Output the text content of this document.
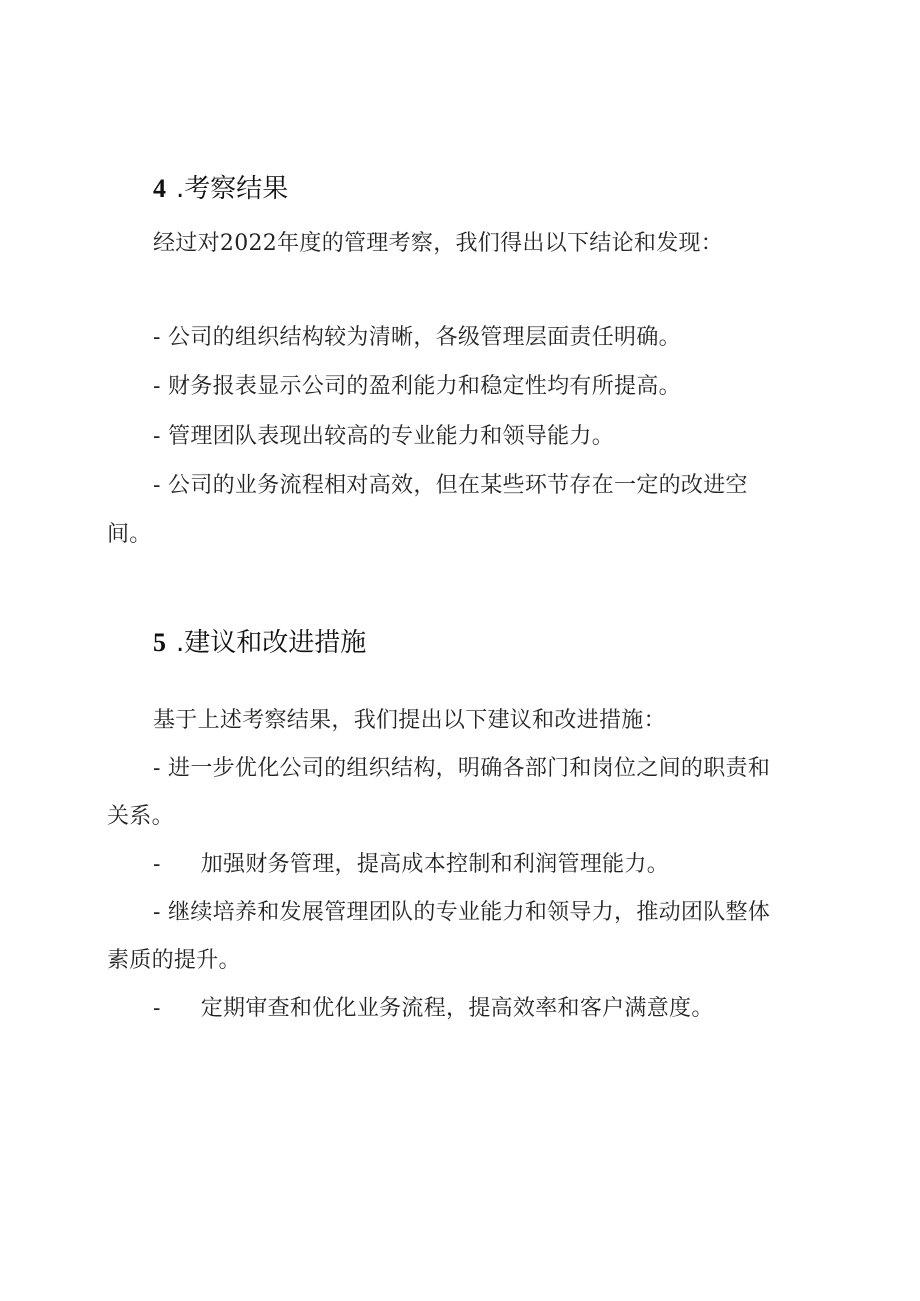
4 .考察结果
经过对2022年度的管理考察，我们得出以下结论和发现：
- 公司的组织结构较为清晰，各级管理层面责任明确。
- 财务报表显示公司的盈利能力和稳定性均有所提高。
- 管理团队表现出较高的专业能力和领导能力。
- 公司的业务流程相对高效，但在某些环节存在一定的改进空
间。
5 .建议和改进措施
基于上述考察结果，我们提出以下建议和改进措施：
- 进一步优化公司的组织结构，明确各部门和岗位之间的职责和
关系。
- 加强财务管理，提高成本控制和利润管理能力。
- 继续培养和发展管理团队的专业能力和领导力，推动团队整体
素质的提升。
- 定期审查和优化业务流程，提高效率和客户满意度。
